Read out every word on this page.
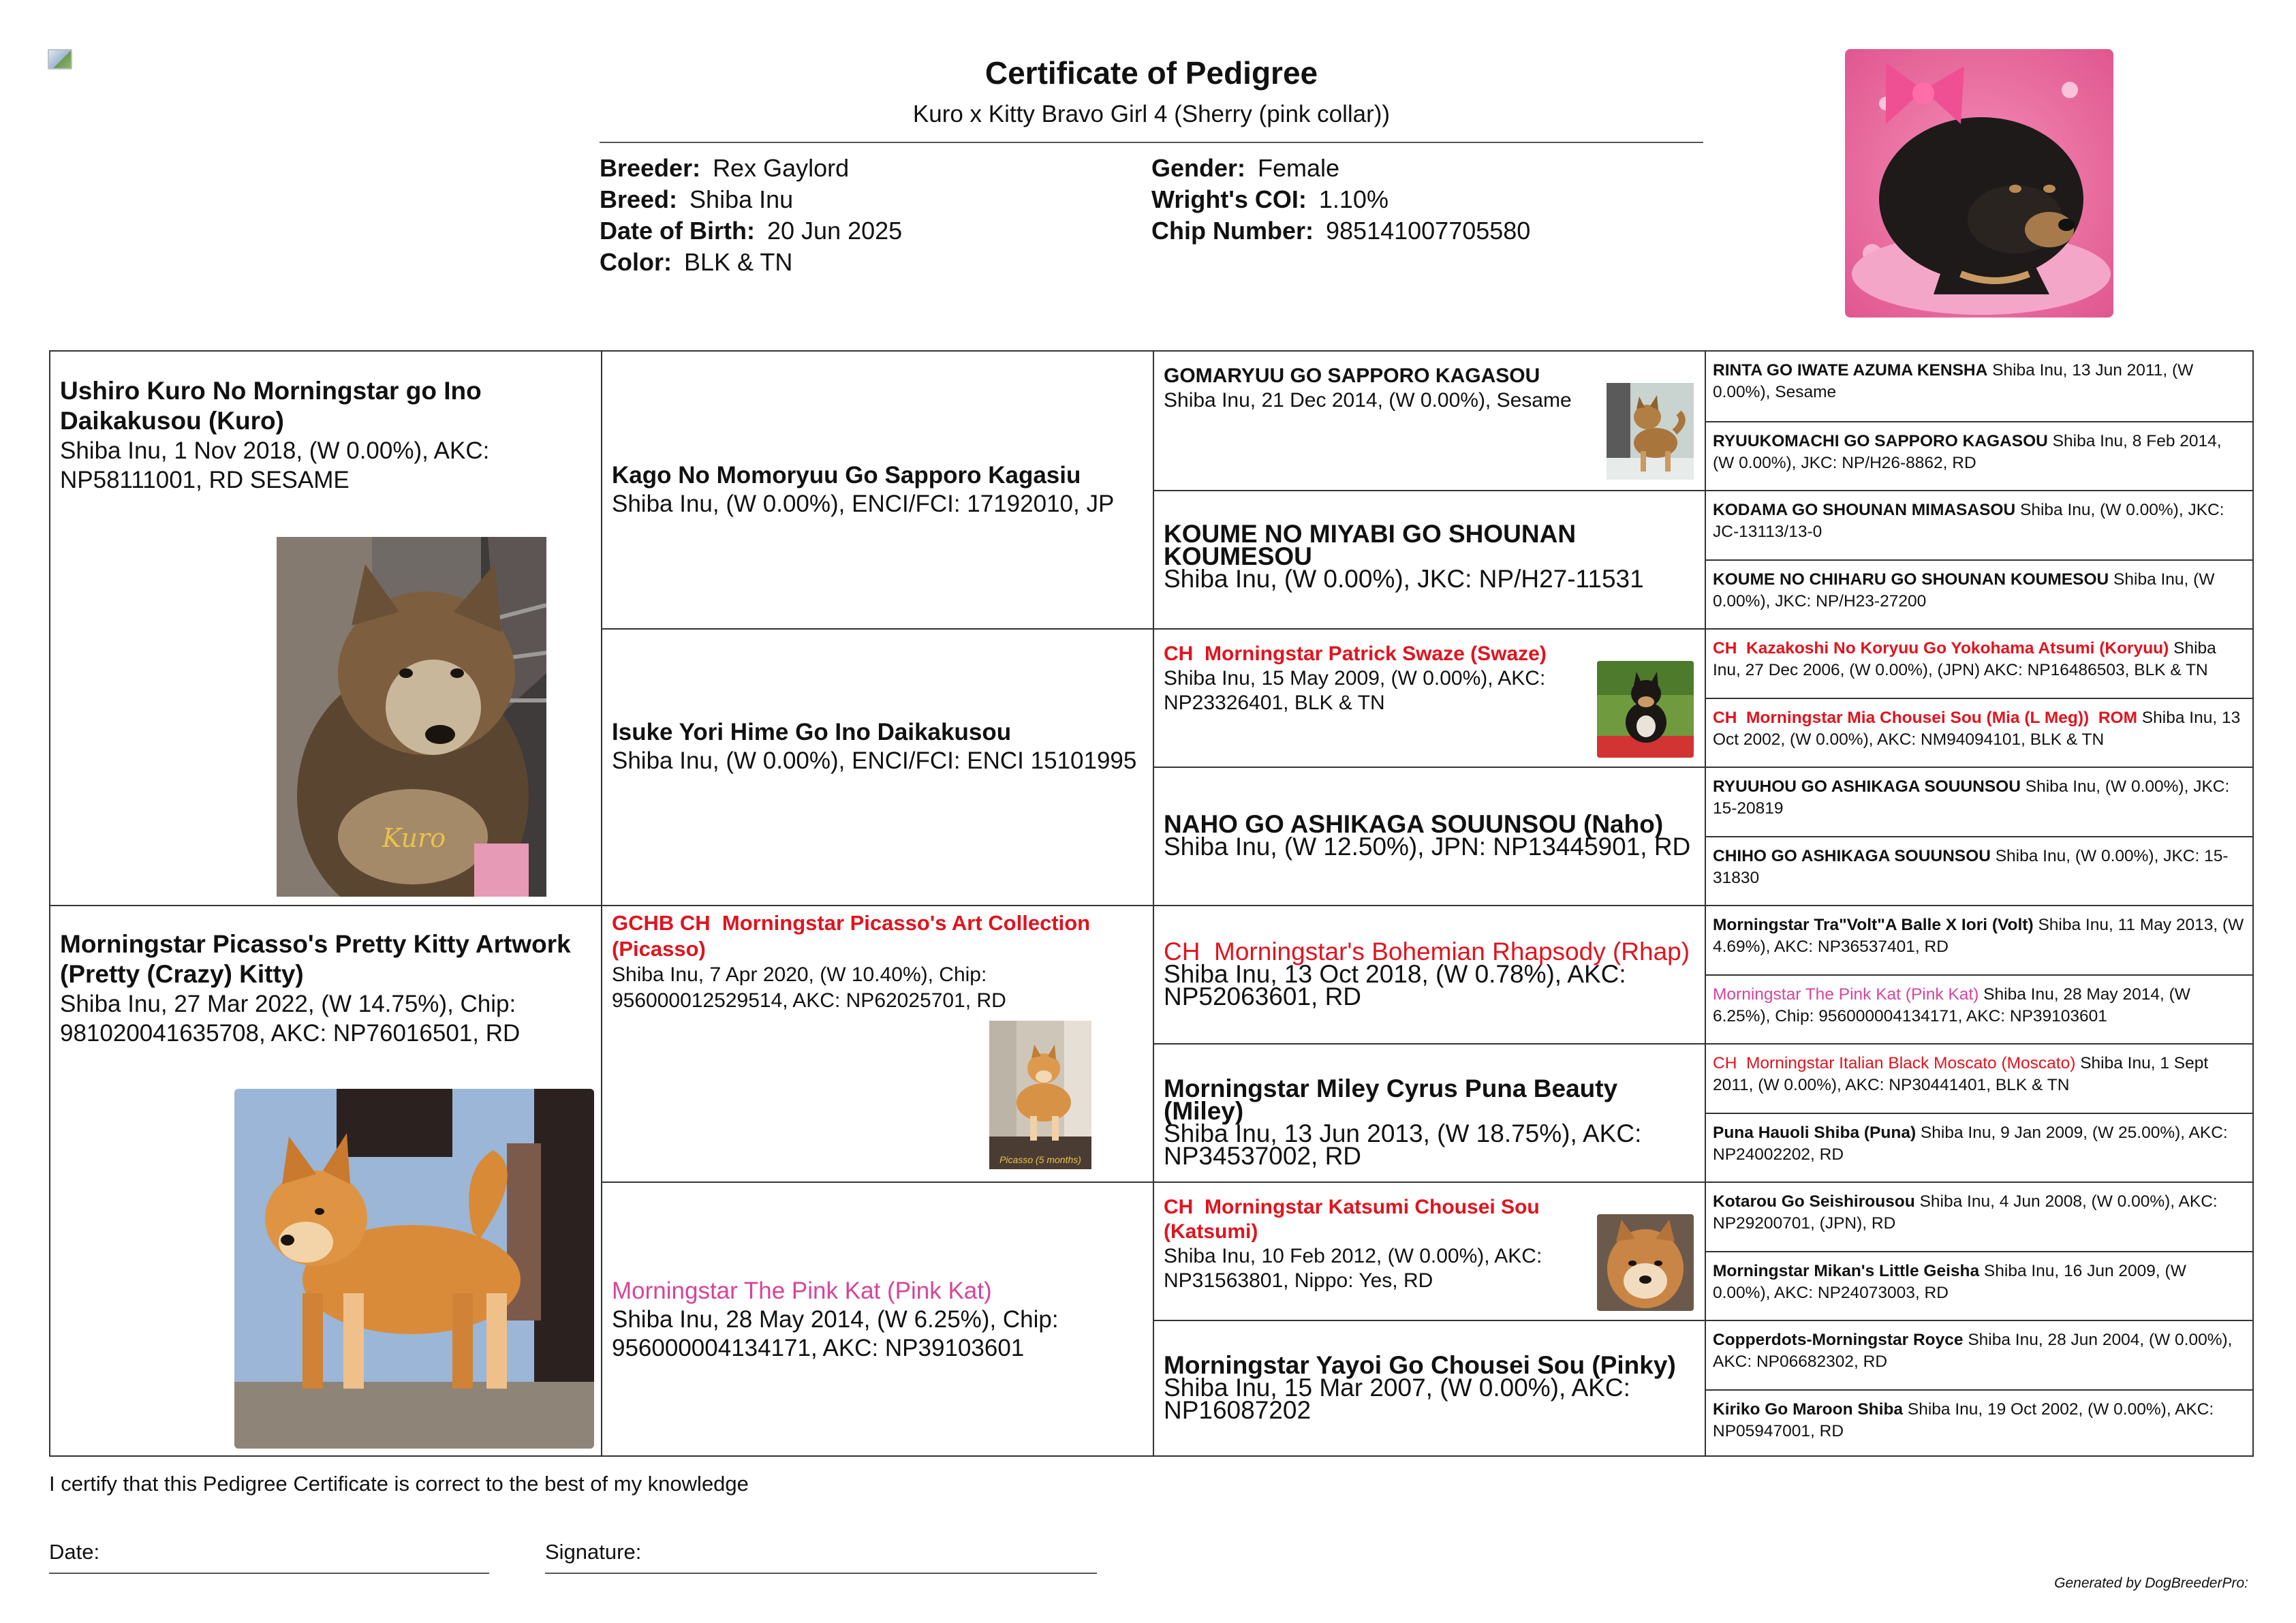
Certificate of Pedigree
Kuro x Kitty Bravo Girl 4 (Sherry (pink collar))
Breeder: Rex Gaylord
Breed: Shiba Inu
Date of Birth: 20 Jun 2025
Color: BLK & TN
Gender: Female
Wright's COI: 1.10%
Chip Number: 985141007705580
Ushiro Kuro No Morningstar go Ino Daikakusou (Kuro)
Shiba Inu, 1 Nov 2018, (W 0.00%), AKC: NP58111001, RD SESAME
Kuro
Morningstar Picasso's Pretty Kitty Artwork (Pretty (Crazy) Kitty)
Shiba Inu, 27 Mar 2022, (W 14.75%), Chip: 981020041635708, AKC: NP76016501, RD
Kago No Momoryuu Go Sapporo Kagasiu
Shiba Inu, (W 0.00%), ENCI/FCI: 17192010, JP
Isuke Yori Hime Go Ino Daikakusou
Shiba Inu, (W 0.00%), ENCI/FCI: ENCI 15101995
GCHB CH Morningstar Picasso's Art Collection (Picasso)
Shiba Inu, 7 Apr 2020, (W 10.40%), Chip: 956000012529514, AKC: NP62025701, RD
Picasso (5 months)
Morningstar The Pink Kat (Pink Kat)
Shiba Inu, 28 May 2014, (W 6.25%), Chip: 956000004134171, AKC: NP39103601
GOMARYUU GO SAPPORO KAGASOU
Shiba Inu, 21 Dec 2014, (W 0.00%), Sesame
KOUME NO MIYABI GO SHOUNAN KOUMESOU
Shiba Inu, (W 0.00%), JKC: NP/H27-11531
CH Morningstar Patrick Swaze (Swaze)
Shiba Inu, 15 May 2009, (W 0.00%), AKC: NP23326401, BLK & TN
NAHO GO ASHIKAGA SOUUNSOU (Naho)
Shiba Inu, (W 12.50%), JPN: NP13445901, RD
CH Morningstar's Bohemian Rhapsody (Rhap)
Shiba Inu, 13 Oct 2018, (W 0.78%), AKC: NP52063601, RD
Morningstar Miley Cyrus Puna Beauty (Miley)
Shiba Inu, 13 Jun 2013, (W 18.75%), AKC: NP34537002, RD
CH Morningstar Katsumi Chousei Sou (Katsumi)
Shiba Inu, 10 Feb 2012, (W 0.00%), AKC: NP31563801, Nippo: Yes, RD
Morningstar Yayoi Go Chousei Sou (Pinky)
Shiba Inu, 15 Mar 2007, (W 0.00%), AKC: NP16087202
RINTA GO IWATE AZUMA KENSHA Shiba Inu, 13 Jun 2011, (W 0.00%), Sesame
RYUUKOMACHI GO SAPPORO KAGASOU Shiba Inu, 8 Feb 2014, (W 0.00%), JKC: NP/H26-8862, RD
KODAMA GO SHOUNAN MIMASASOU Shiba Inu, (W 0.00%), JKC: JC-13113/13-0
KOUME NO CHIHARU GO SHOUNAN KOUMESOU Shiba Inu, (W 0.00%), JKC: NP/H23-27200
CH Kazakoshi No Koryuu Go Yokohama Atsumi (Koryuu) Shiba Inu, 27 Dec 2006, (W 0.00%), (JPN) AKC: NP16486503, BLK & TN
CH Morningstar Mia Chousei Sou (Mia (L Meg)) ROM Shiba Inu, 13 Oct 2002, (W 0.00%), AKC: NM94094101, BLK & TN
RYUUHOU GO ASHIKAGA SOUUNSOU Shiba Inu, (W 0.00%), JKC: 15-20819
CHIHO GO ASHIKAGA SOUUNSOU Shiba Inu, (W 0.00%), JKC: 15-31830
Morningstar Tra"Volt"A Balle X Iori (Volt) Shiba Inu, 11 May 2013, (W 4.69%), AKC: NP36537401, RD
Morningstar The Pink Kat (Pink Kat) Shiba Inu, 28 May 2014, (W 6.25%), Chip: 956000004134171, AKC: NP39103601
CH Morningstar Italian Black Moscato (Moscato) Shiba Inu, 1 Sept 2011, (W 0.00%), AKC: NP30441401, BLK & TN
Puna Hauoli Shiba (Puna) Shiba Inu, 9 Jan 2009, (W 25.00%), AKC: NP24002202, RD
Kotarou Go Seishirousou Shiba Inu, 4 Jun 2008, (W 0.00%), AKC: NP29200701, (JPN), RD
Morningstar Mikan's Little Geisha Shiba Inu, 16 Jun 2009, (W 0.00%), AKC: NP24073003, RD
Copperdots-Morningstar Royce Shiba Inu, 28 Jun 2004, (W 0.00%), AKC: NP06682302, RD
Kiriko Go Maroon Shiba Shiba Inu, 19 Oct 2002, (W 0.00%), AKC: NP05947001, RD
I certify that this Pedigree Certificate is correct to the best of my knowledge
Date:	Signature:
Generated by DogBreederPro:
